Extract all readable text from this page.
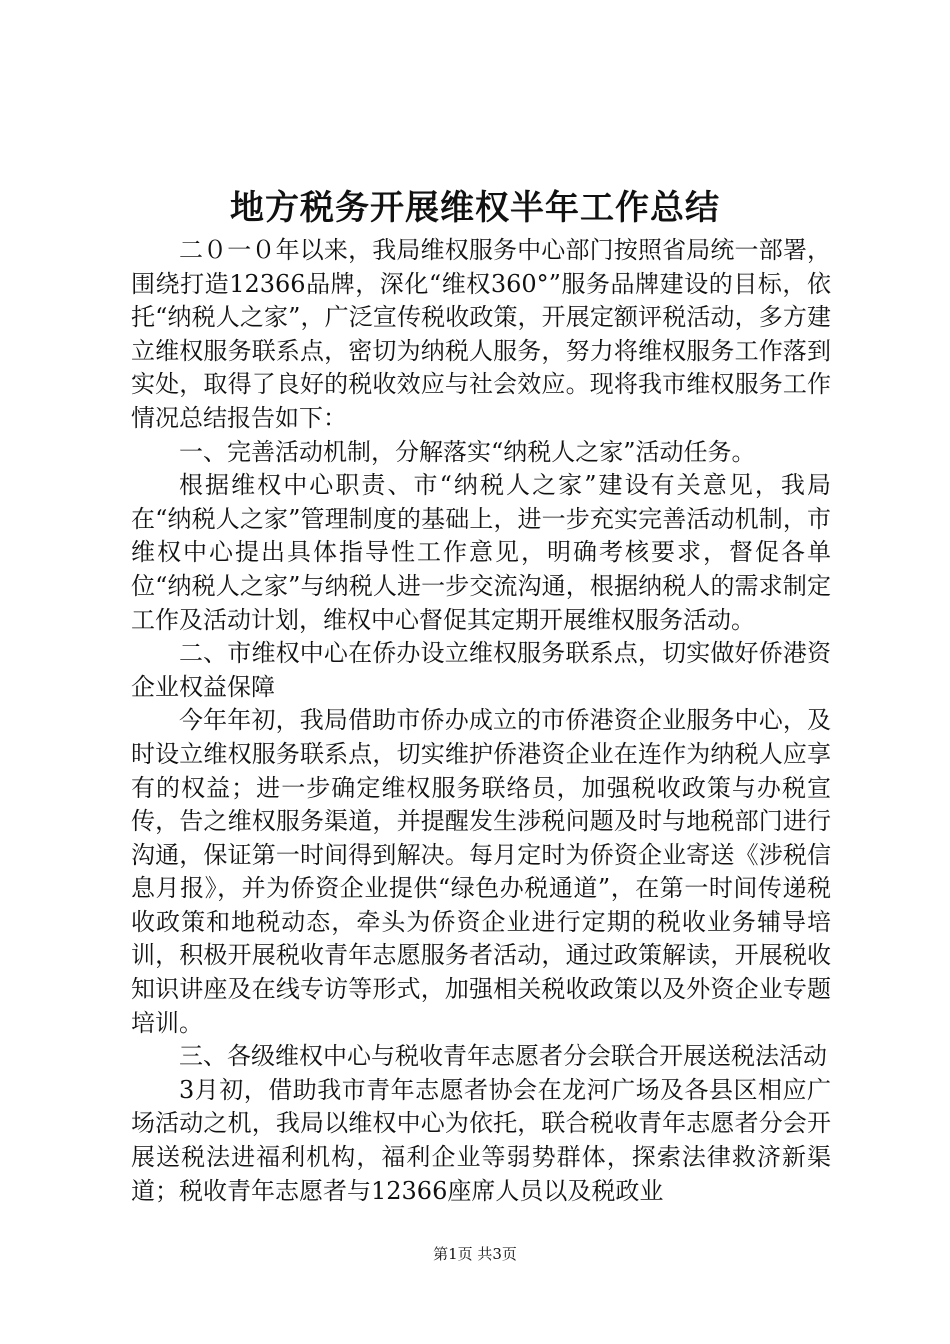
地方税务开展维权半年工作总结

二０一０年以来，我局维权服务中心部门按照省局统一部署，围绕打造12366品牌，深化“维权360°”服务品牌建设的目标，依托“纳税人之家”，广泛宣传税收政策，开展定额评税活动，多方建立维权服务联系点，密切为纳税人服务，努力将维权服务工作落到实处，取得了良好的税收效应与社会效应。现将我市维权服务工作情况总结报告如下：

一、完善活动机制，分解落实“纳税人之家”活动任务。

根据维权中心职责、市“纳税人之家”建设有关意见，我局在“纳税人之家”管理制度的基础上，进一步充实完善活动机制，市维权中心提出具体指导性工作意见，明确考核要求，督促各单位“纳税人之家”与纳税人进一步交流沟通，根据纳税人的需求制定工作及活动计划，维权中心督促其定期开展维权服务活动。

二、市维权中心在侨办设立维权服务联系点，切实做好侨港资企业权益保障

今年年初，我局借助市侨办成立的市侨港资企业服务中心，及时设立维权服务联系点，切实维护侨港资企业在连作为纳税人应享有的权益；进一步确定维权服务联络员，加强税收政策与办税宣传，告之维权服务渠道，并提醒发生涉税问题及时与地税部门进行沟通，保证第一时间得到解决。每月定时为侨资企业寄送《涉税信息月报》，并为侨资企业提供“绿色办税通道”，在第一时间传递税收政策和地税动态，牵头为侨资企业进行定期的税收业务辅导培训，积极开展税收青年志愿服务者活动，通过政策解读，开展税收知识讲座及在线专访等形式，加强相关税收政策以及外资企业专题培训。

三、各级维权中心与税收青年志愿者分会联合开展送税法活动

3月初，借助我市青年志愿者协会在龙河广场及各县区相应广场活动之机，我局以维权中心为依托，联合税收青年志愿者分会开展送税法进福利机构，福利企业等弱势群体，探索法律救济新渠道；税收青年志愿者与12366座席人员以及税政业

第1页 共3页
